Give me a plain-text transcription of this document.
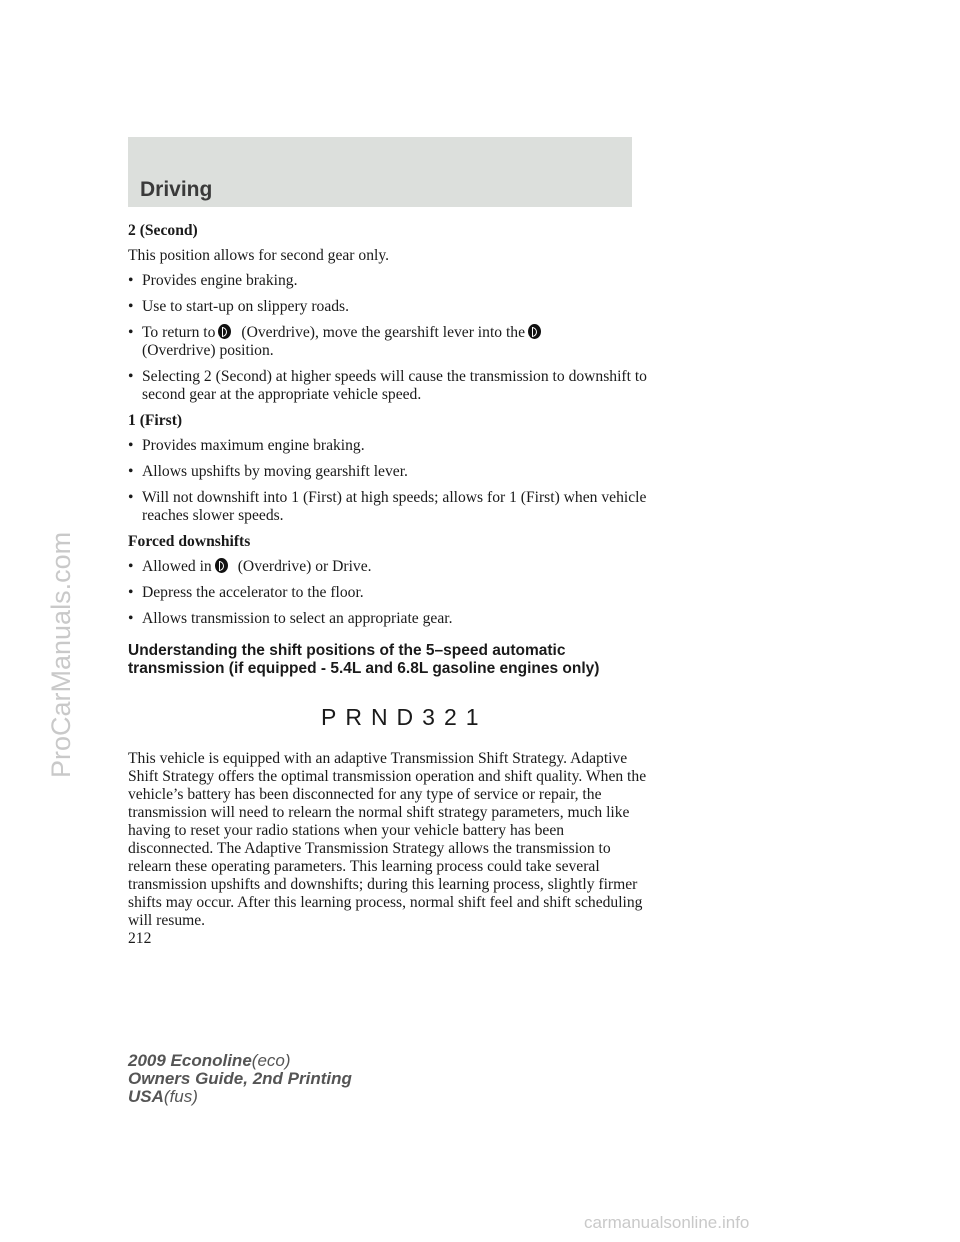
Driving
2 (Second)
This position allows for second gear only.
• Provides engine braking.
• Use to start-up on slippery roads.
• To return to (Overdrive), move the gearshift lever into the
(Overdrive) position.
• Selecting 2 (Second) at higher speeds will cause the transmission to downshift to second gear at the appropriate vehicle speed.
1 (First)
• Provides maximum engine braking.
• Allows upshifts by moving gearshift lever.
• Will not downshift into 1 (First) at high speeds; allows for 1 (First) when vehicle reaches slower speeds.
Forced downshifts
• Allowed in (Overdrive) or Drive.
• Depress the accelerator to the floor.
• Allows transmission to select an appropriate gear.
Understanding the shift positions of the 5–speed automatic transmission (if equipped - 5.4L and 6.8L gasoline engines only)
PRND321
This vehicle is equipped with an adaptive Transmission Shift Strategy. Adaptive Shift Strategy offers the optimal transmission operation and shift quality. When the vehicle’s battery has been disconnected for any type of service or repair, the transmission will need to relearn the normal shift strategy parameters, much like having to reset your radio stations when your vehicle battery has been disconnected. The Adaptive Transmission Strategy allows the transmission to relearn these operating parameters. This learning process could take several transmission upshifts and downshifts; during this learning process, slightly firmer shifts may occur. After this learning process, normal shift feel and shift scheduling will resume.
212
2009 Econoline(eco)
Owners Guide, 2nd Printing
USA(fus)
ProCarManuals.com
carmanualsonline.info
